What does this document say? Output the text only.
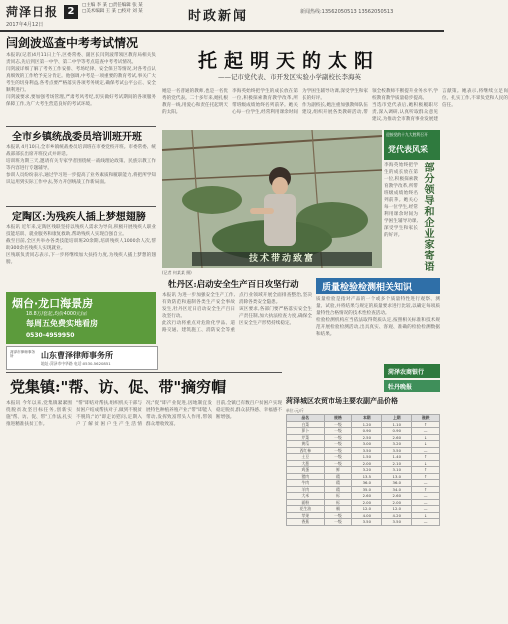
菏泽日报 2
□主编 李 某 □责任编辑 张 某
□美术编辑 王 某 □校对 刘 某	时政新闻	新闻热线:13562050513 13562050513
2017年4月12日
闫剑波巡查中考考试情况
本报讯(记者)4月11日上午,区委常委、副区长闫剑波带领区教育局相关负责同志,先后到区第一中学、第二中学等考点巡查中考考试情况。
闫剑波详细了解了考务工作安排、考场纪律、安全保卫等情况,对各考点认真细致的工作给予充分肯定。他强调,中考是一项重要的教育考试,事关广大考生的切身利益,各考点要严格落实各项考务规定,确保考试公平公正、安全顺利进行。
闫剑波要求,要加强考场管理,严肃考风考纪,切实做好考试期间的各项服务保障工作,为广大考生营造良好的考试环境。
全市乡镇统战委员培训班开班
本报讯 4月10日,全市乡镇统战委员培训班在市委党校开班。市委常委、统战部部长出席开班仪式并讲话。
培训班为期三天,邀请有关专家学者围绕统一战线理论政策、民族宗教工作等内容进行专题辅导。
参训人员纷纷表示,通过学习进一步提高了业务素质和履职能力,将把所学知识运用到实际工作中去,努力开创统战工作新局面。
定陶区:为残疾人插上梦想翅膀
本报讯 近年来,定陶区残联坚持以残疾人需求为导向,积极开展残疾人职业技能培训、就业服务和康复救助,帮助残疾人实现自强自立。
截至目前,全区共举办各类技能培训班20余期,培训残疾人1000余人次,帮助300余名残疾人实现就业。
区残联负责同志表示,下一步将继续加大扶持力度,为残疾人插上梦想的翅膀。
烟台·龙口海景房
18.8万/套起,均价4000元/㎡
每周五免费实地看房
0530-4959950
菏泽市律师事务所	山东曹泽律师事务所
地址:菏泽市中华路 电话:0530-5620851
托起明天的太阳
——记市党代表、市开发区实验小学副校长李海英
她是一名普通的教师,也是一名优秀的党代表。二十多年来,她扎根教育一线,用爱心和责任托起明天的太阳。
李海英始终把学生的成长放在第一位,积极探索教育教学改革,所带班级成绩始终名列前茅。她关心每一位学生,经常利用课余时间为学困生辅导功课,深受学生和家长的好评。
作为副校长,她注重加强教师队伍建设,组织开展各类教研活动,带领全校教师不断提升业务水平,学校教育教学质量稳步提高。
当选市党代表后,她积极履职尽责,深入调研,认真听取群众意见建议,为推动全市教育事业发展建言献策。她表示,将继续立足岗位、扎实工作,不辜负党和人民的信任。
迎接党的十九大胜利召开
党代表风采
技术带动致富	部分领导和企业家寄语
李海英始终把学生的成长放在第一位,积极探索教育教学改革,所带班级成绩始终名列前茅。她关心每一位学生,经常利用课余时间为学困生辅导功课,深受学生和家长的好评。
(记者 何某某 摄)
牡丹区:启动安全生产百日攻坚行动
本报讯 为进一步加强安全生产工作,有效防范和遏制各类生产安全事故发生,牡丹区近日启动安全生产百日攻坚行动。
此次行动将重点对危险化学品、道路交通、建筑施工、消防安全等重点行业领域开展全面排查整治,坚决消除各类安全隐患。
该区要求,各部门要严格落实安全生产责任制,加大执法检查力度,确保全区安全生产形势持续稳定。
质量检验检测相关知识
质量检验是指对产品的一个或多个质量特性进行观察、测量、试验,并将结果与规定的质量要求进行比较,以确定每项质量特性合格情况的技术性检查活动。
检验检测机构应当依法取得资质认定,按照相关标准和技术规范开展检验检测活动,出具真实、客观、准确的检验检测数据和结果。
菏泽农商银行
牡丹晚报
党集镇:"帮、访、促、带"摘穷帽
本报讯 今年以来,党集镇紧紧围绕脱贫攻坚目标任务,创新实施"帮、访、促、带"工作法,扎实推进精准扶贫工作。
"帮"即结对帮扶,组织机关干部与贫困户结成帮扶对子,做到不脱贫不脱钩;"访"即走访慰问,定期入户了解贫困户生产生活情况;"促"即产业促进,因地制宜发展特色种植养殖产业;"带"即能人带动,发挥致富带头人作用,带领群众增收致富。
目前,全镇已有数百户贫困户实现稳定脱贫,群众获得感、幸福感不断增强。
菏泽城区农贸市场主要农副产品价格
单位:元/斤
品名	规格	本期	上期	涨跌
白菜	一级	1.20	1.10	↑
萝卜	一级	0.90	0.90	—
芹菜	一级	2.50	2.60	↓
黄瓜	一级	3.00	3.20	↓
西红柿	一级	3.50	3.50	—
土豆	一级	1.50	1.40	↑
大葱	一级	2.00	2.10	↓
鸡蛋	鲜	3.20	3.10	↑
猪肉	精	13.5	13.0	↑
牛肉	精	36.0	36.0	—
羊肉	精	35.0	34.0	↑
大米	标	2.60	2.60	—
面粉	标	2.00	2.00	—
花生油	桶	12.0	12.0	—
苹果	一级	4.00	4.20	↓
香蕉	一级	3.50	3.50	—
